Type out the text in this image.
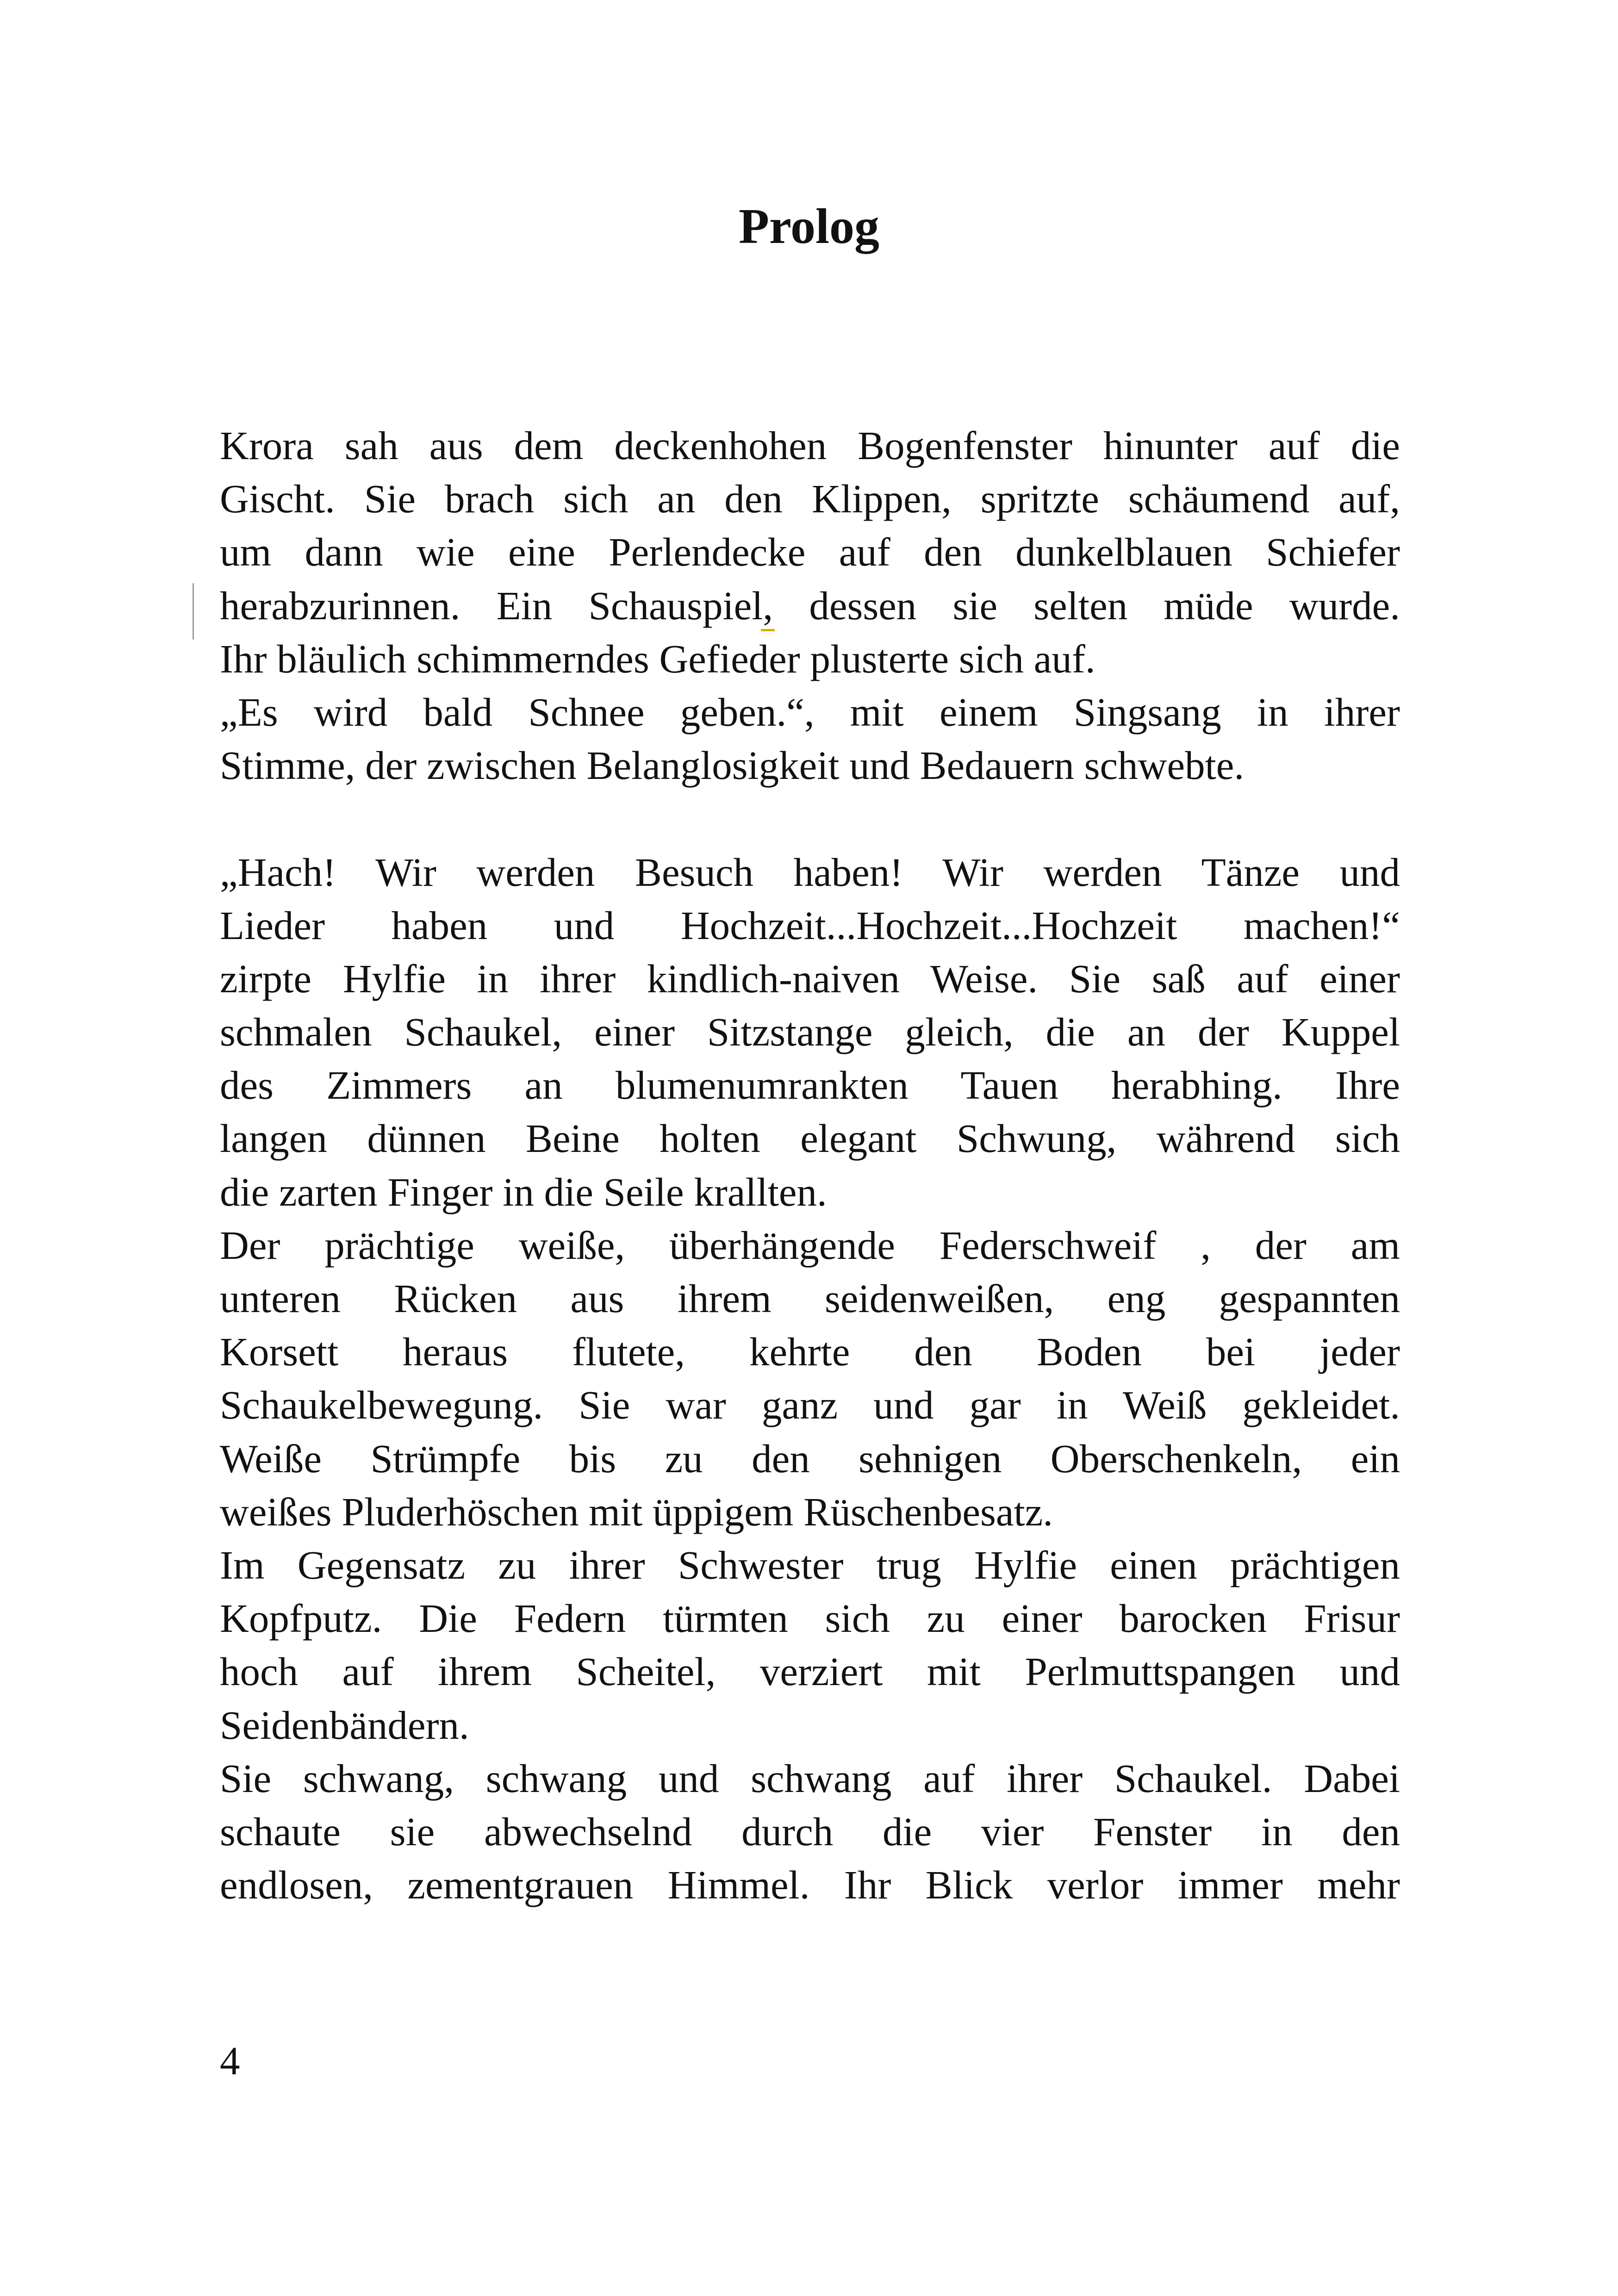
Prolog
Krora sah aus dem deckenhohen Bogenfenster hinunter auf die
Gischt. Sie brach sich an den Klippen, spritzte schäumend auf,
um dann wie eine Perlendecke auf den dunkelblauen Schiefer
herabzurinnen. Ein Schauspiel, dessen sie selten müde wurde.
Ihr bläulich schimmerndes Gefieder plusterte sich auf.
„Es wird bald Schnee geben.“, mit einem Singsang in ihrer
Stimme, der zwischen Belanglosigkeit und Bedauern schwebte.
„Hach! Wir werden Besuch haben! Wir werden Tänze und
Lieder haben und Hochzeit...Hochzeit...Hochzeit machen!“
zirpte Hylfie in ihrer kindlich-naiven Weise. Sie saß auf einer
schmalen Schaukel, einer Sitzstange gleich, die an der Kuppel
des Zimmers an blumenumrankten Tauen herabhing. Ihre
langen dünnen Beine holten elegant Schwung, während sich
die zarten Finger in die Seile krallten.
Der prächtige weiße, überhängende Federschweif , der am
unteren Rücken aus ihrem seidenweißen, eng gespannten
Korsett heraus flutete, kehrte den Boden bei jeder
Schaukelbewegung. Sie war ganz und gar in Weiß gekleidet.
Weiße Strümpfe bis zu den sehnigen Oberschenkeln, ein
weißes Pluderhöschen mit üppigem Rüschenbesatz.
Im Gegensatz zu ihrer Schwester trug Hylfie einen prächtigen
Kopfputz. Die Federn türmten sich zu einer barocken Frisur
hoch auf ihrem Scheitel, verziert mit Perlmuttspangen und
Seidenbändern.
Sie schwang, schwang und schwang auf ihrer Schaukel. Dabei
schaute sie abwechselnd durch die vier Fenster in den
endlosen, zementgrauen Himmel. Ihr Blick verlor immer mehr
4
